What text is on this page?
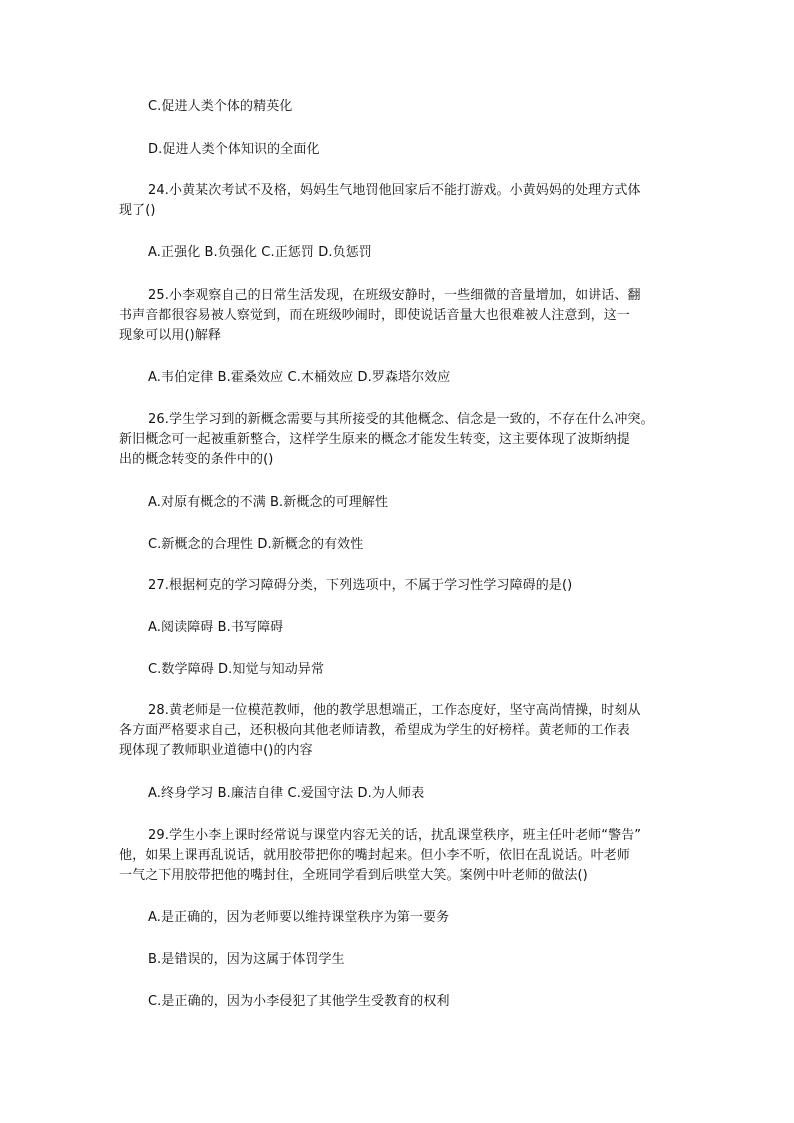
C.促进人类个体的精英化
D.促进人类个体知识的全面化
24.小黄某次考试不及格，妈妈生气地罚他回家后不能打游戏。小黄妈妈的处理方式体
现了()
A.正强化 B.负强化 C.正惩罚 D.负惩罚
25.小李观察自己的日常生活发现，在班级安静时，一些细微的音量增加，如讲话、翻
书声音都很容易被人察觉到，而在班级吵闹时，即使说话音量大也很难被人注意到，这一
现象可以用()解释
A.韦伯定律 B.霍桑效应 C.木桶效应 D.罗森塔尔效应
26.学生学习到的新概念需要与其所接受的其他概念、信念是一致的，不存在什么冲突。
新旧概念可一起被重新整合，这样学生原来的概念才能发生转变，这主要体现了波斯纳提
出的概念转变的条件中的()
A.对原有概念的不满 B.新概念的可理解性
C.新概念的合理性 D.新概念的有效性
27.根据柯克的学习障碍分类，下列选项中，不属于学习性学习障碍的是()
A.阅读障碍 B.书写障碍
C.数学障碍 D.知觉与知动异常
28.黄老师是一位模范教师，他的教学思想端正，工作态度好，坚守高尚情操，时刻从
各方面严格要求自己，还积极向其他老师请教，希望成为学生的好榜样。黄老师的工作表
现体现了教师职业道德中()的内容
A.终身学习 B.廉洁自律 C.爱国守法 D.为人师表
29.学生小李上课时经常说与课堂内容无关的话，扰乱课堂秩序，班主任叶老师“警告”
他，如果上课再乱说话，就用胶带把你的嘴封起来。但小李不听，依旧在乱说话。叶老师
一气之下用胶带把他的嘴封住，全班同学看到后哄堂大笑。案例中叶老师的做法()
A.是正确的，因为老师要以维持课堂秩序为第一要务
B.是错误的，因为这属于体罚学生
C.是正确的，因为小李侵犯了其他学生受教育的权利
